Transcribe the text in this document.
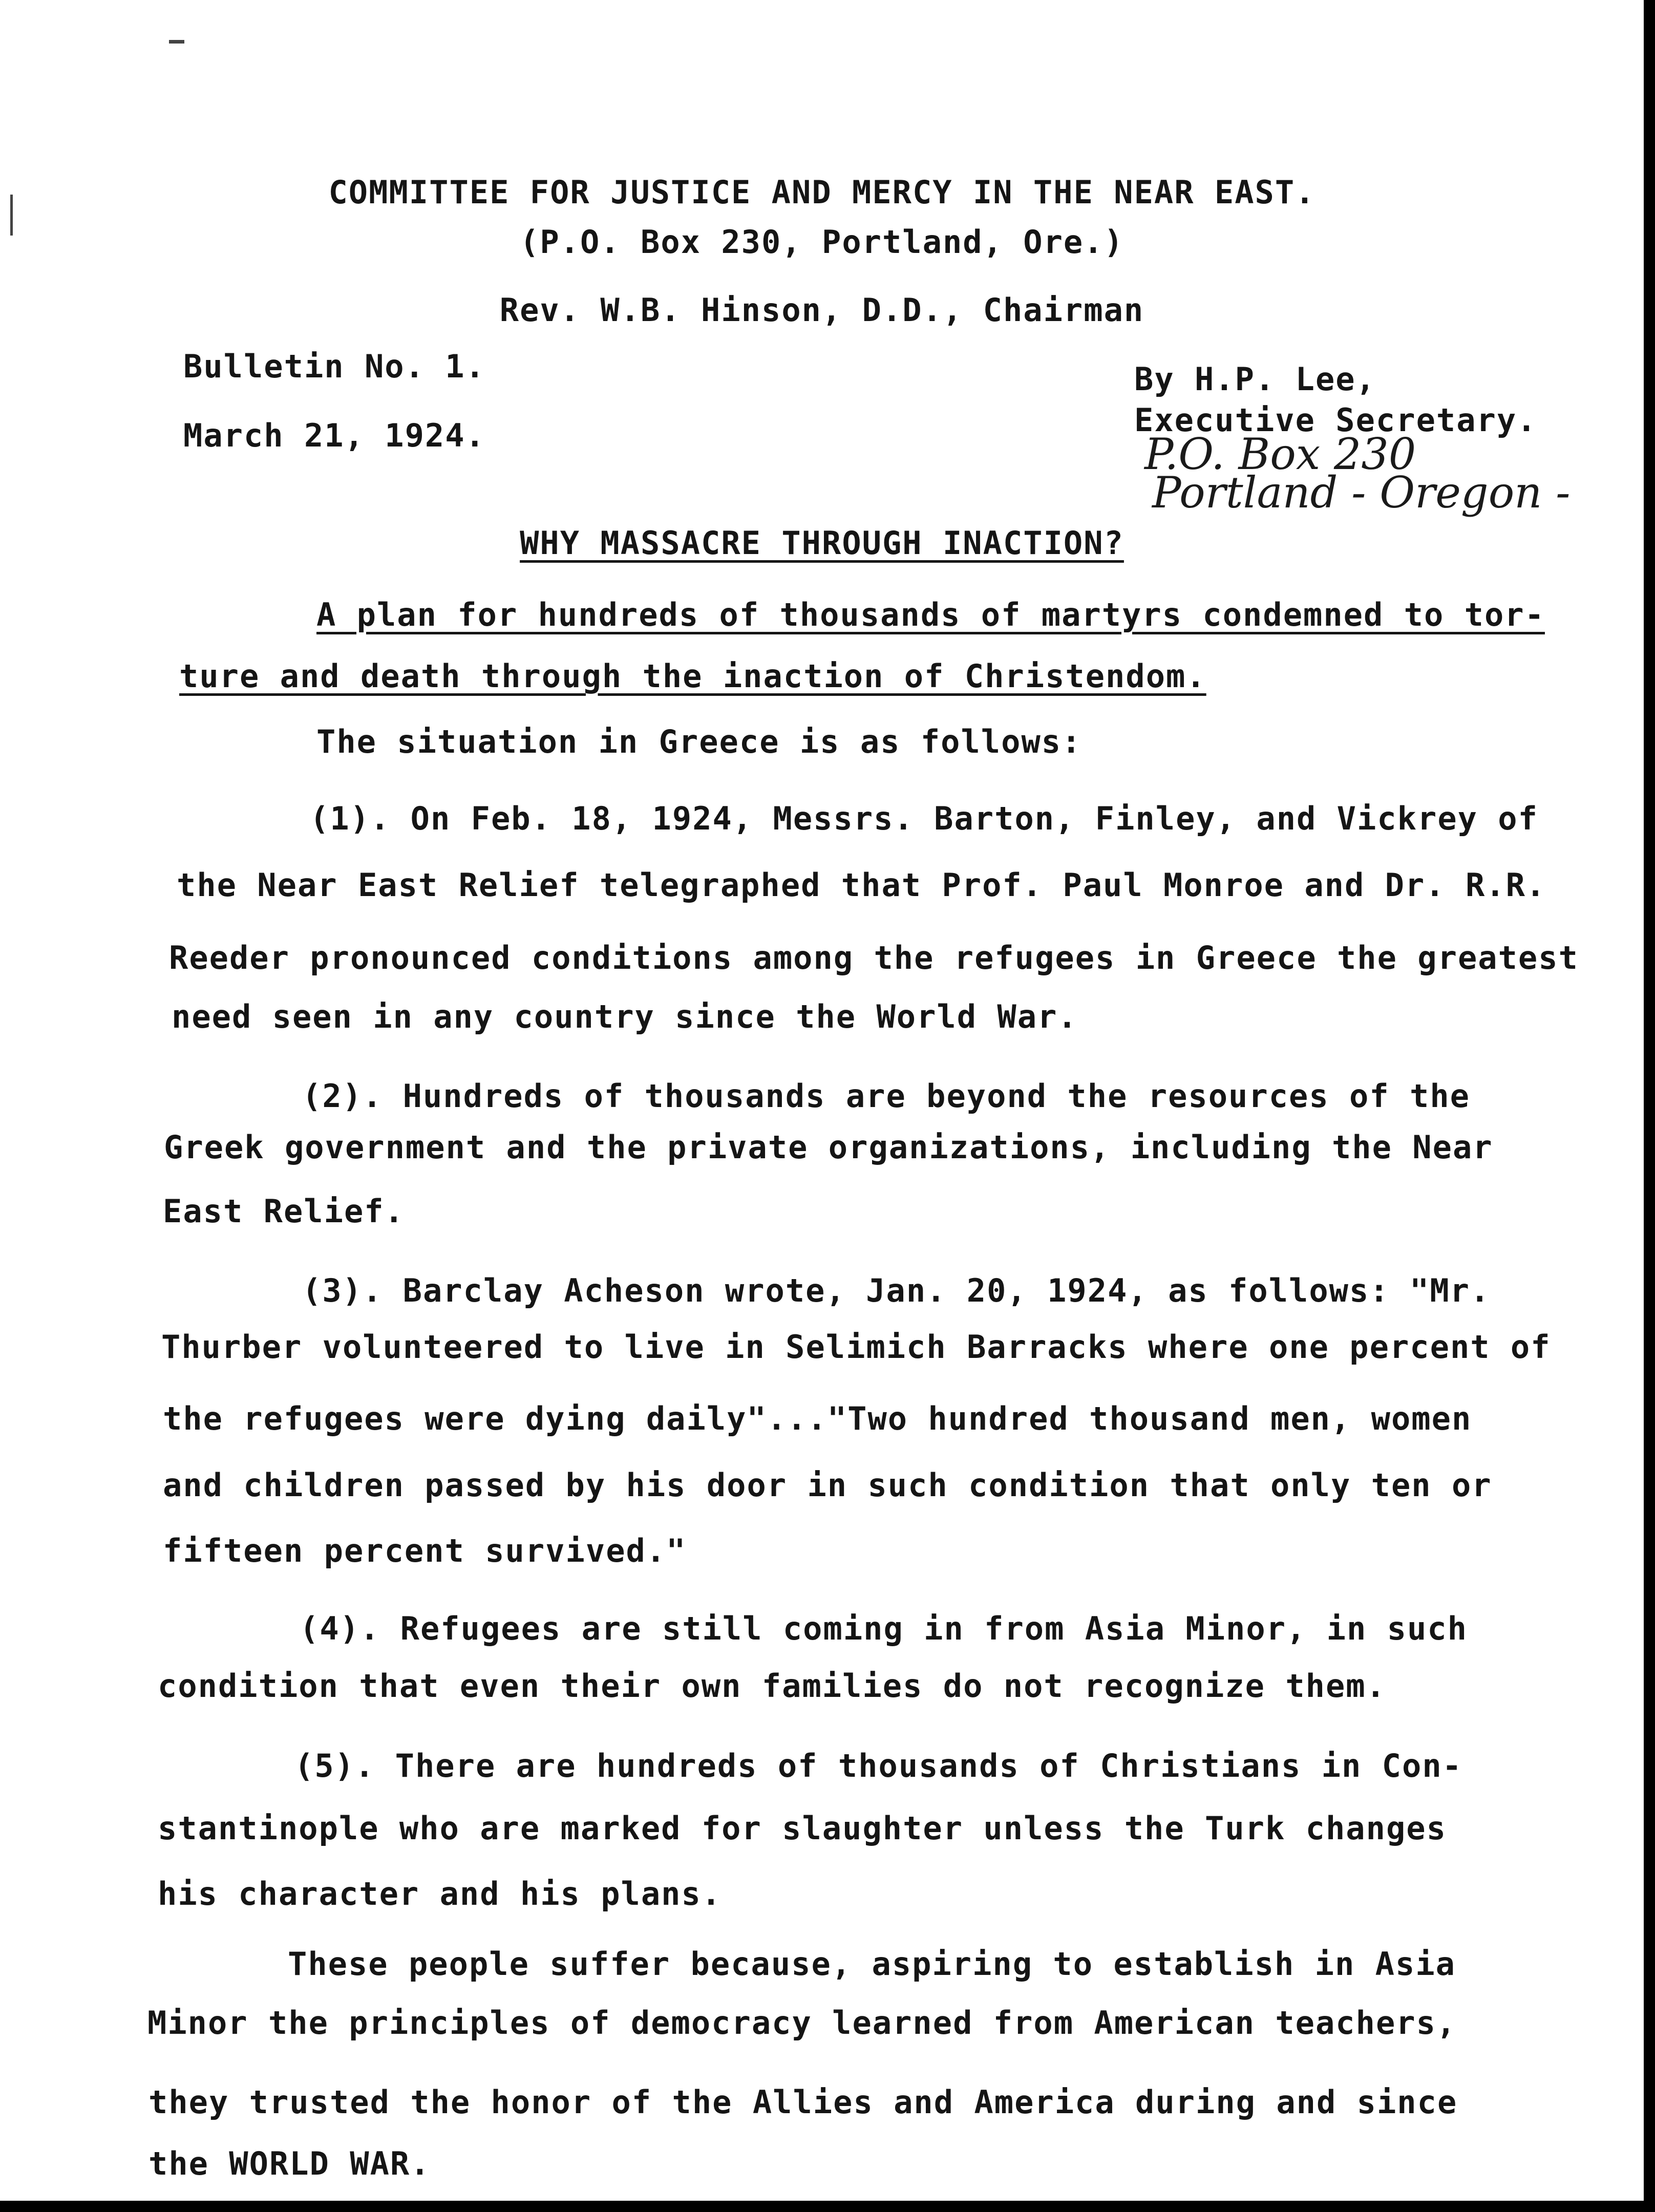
COMMITTEE FOR JUSTICE AND MERCY IN THE NEAR EAST.
(P.O. Box 230, Portland, Ore.)
Rev. W.B. Hinson, D.D., Chairman
Bulletin No. 1.
March 21, 1924.
By H.P. Lee,
Executive Secretary.
P.O. Box 230
Portland - Oregon -
WHY MASSACRE THROUGH INACTION?
A plan for hundreds of thousands of martyrs condemned to tor-
ture and death through the inaction of Christendom.
The situation in Greece is as follows:
(1). On Feb. 18, 1924, Messrs. Barton, Finley, and Vickrey of
the Near East Relief telegraphed that Prof. Paul Monroe and Dr. R.R.
Reeder pronounced conditions among the refugees in Greece the greatest
need seen in any country since the World War.
(2). Hundreds of thousands are beyond the resources of the
Greek government and the private organizations, including the Near
East Relief.
(3). Barclay Acheson wrote, Jan. 20, 1924, as follows: "Mr.
Thurber volunteered to live in Selimich Barracks where one percent of
the refugees were dying daily"..."Two hundred thousand men, women
and children passed by his door in such condition that only ten or
fifteen percent survived."
(4). Refugees are still coming in from Asia Minor, in such
condition that even their own families do not recognize them.
(5). There are hundreds of thousands of Christians in Con-
stantinople who are marked for slaughter unless the Turk changes
his character and his plans.
These people suffer because, aspiring to establish in Asia
Minor the principles of democracy learned from American teachers,
they trusted the honor of the Allies and America during and since
the WORLD WAR.
